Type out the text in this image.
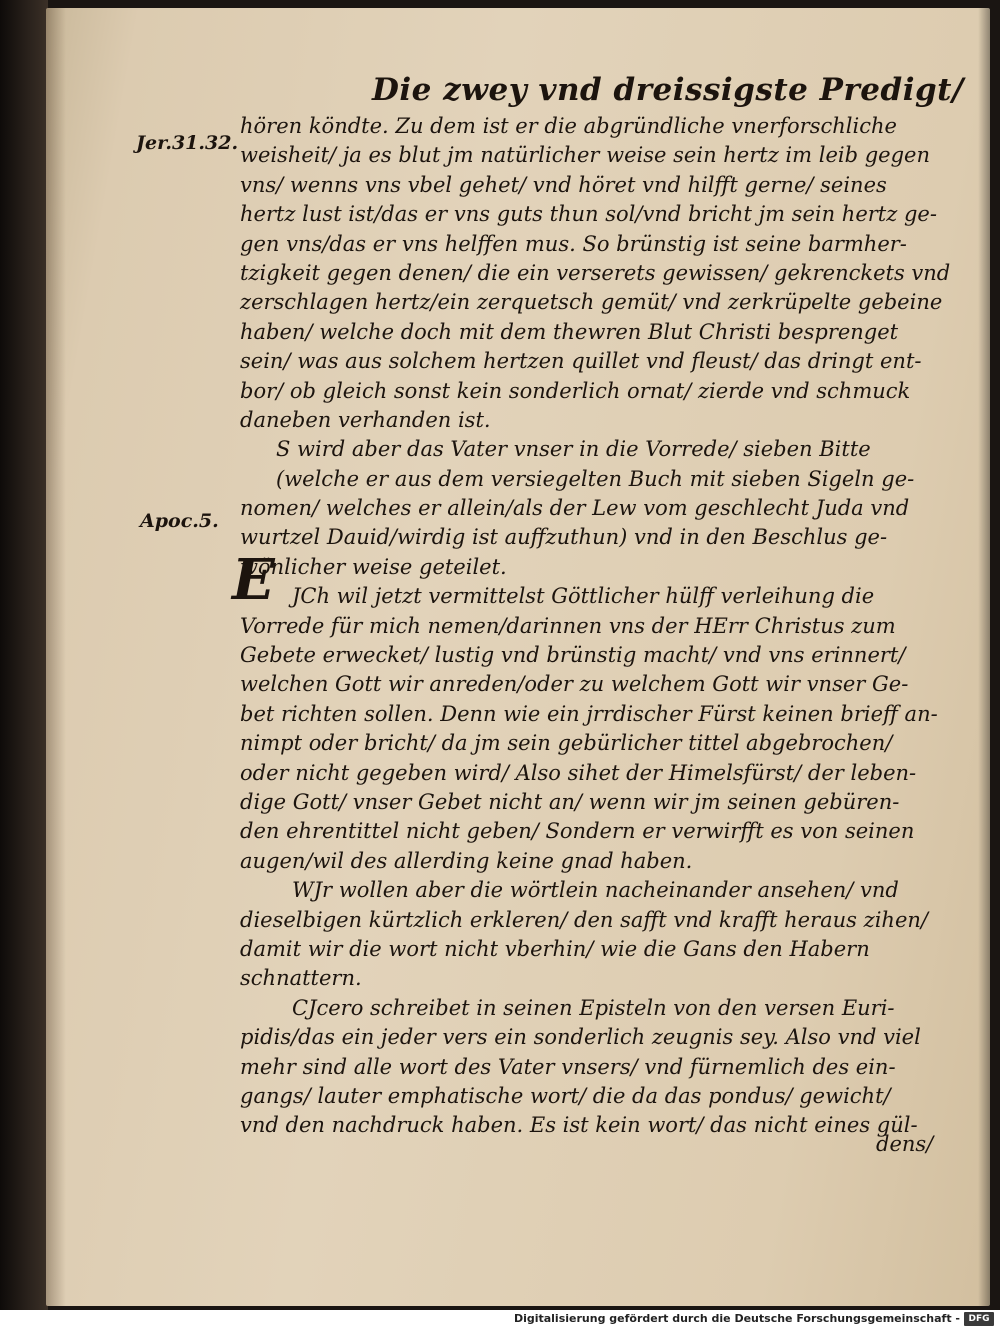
Die zwey vnd dreissigste Predigt/
Jer.31.32.
Apoc.5.
E
hören köndte. Zu dem ist er die abgründliche vnerforschliche
weisheit/ ja es blut jm natürlicher weise sein hertz im leib gegen
vns/ wenns vns vbel gehet/ vnd höret vnd hilfft gerne/ seines
hertz lust ist/das er vns guts thun sol/vnd bricht jm sein hertz ge-
gen vns/das er vns helffen mus. So brünstig ist seine barmher-
tzigkeit gegen denen/ die ein verserets gewissen/ gekrenckets vnd
zerschlagen hertz/ein zerquetsch gemüt/ vnd zerkrüpelte gebeine
haben/ welche doch mit dem thewren Blut Christi besprenget
sein/ was aus solchem hertzen quillet vnd fleust/ das dringt ent-
bor/ ob gleich sonst kein sonderlich ornat/ zierde vnd schmuck
daneben verhanden ist.
S wird aber das Vater vnser in die Vorrede/ sieben Bitte
(welche er aus dem versiegelten Buch mit sieben Sigeln ge-
nomen/ welches er allein/als der Lew vom geschlecht Juda vnd
wurtzel Dauid/wirdig ist auffzuthun) vnd in den Beschlus ge-
wönlicher weise geteilet.
JCh wil jetzt vermittelst Göttlicher hülff verleihung die
Vorrede für mich nemen/darinnen vns der HErr Christus zum
Gebete erwecket/ lustig vnd brünstig macht/ vnd vns erinnert/
welchen Gott wir anreden/oder zu welchem Gott wir vnser Ge-
bet richten sollen. Denn wie ein jrrdischer Fürst keinen brieff an-
nimpt oder bricht/ da jm sein gebürlicher tittel abgebrochen/
oder nicht gegeben wird/ Also sihet der Himelsfürst/ der leben-
dige Gott/ vnser Gebet nicht an/ wenn wir jm seinen gebüren-
den ehrentittel nicht geben/ Sondern er verwirfft es von seinen
augen/wil des allerding keine gnad haben.
WJr wollen aber die wörtlein nacheinander ansehen/ vnd
dieselbigen kürtzlich erkleren/ den safft vnd krafft heraus zihen/
damit wir die wort nicht vberhin/ wie die Gans den Habern
schnattern.
CJcero schreibet in seinen Episteln von den versen Euri-
pidis/das ein jeder vers ein sonderlich zeugnis sey. Also vnd viel
mehr sind alle wort des Vater vnsers/ vnd fürnemlich des ein-
gangs/ lauter emphatische wort/ die da das pondus/ gewicht/
vnd den nachdruck haben. Es ist kein wort/ das nicht eines gül-
dens/
Digitalisierung gefördert durch die Deutsche Forschungsgemeinschaft - DFG
